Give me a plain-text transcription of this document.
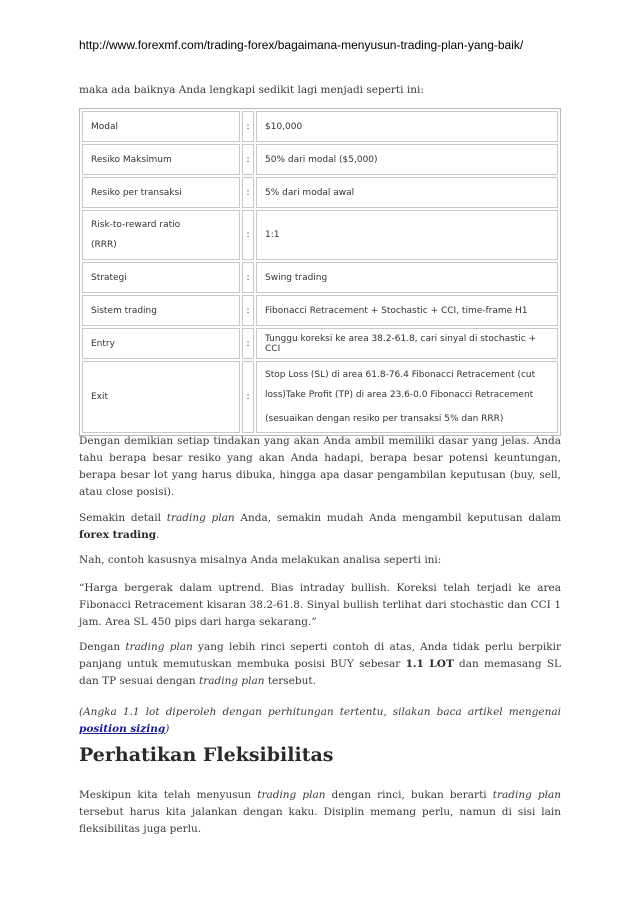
http://www.forexmf.com/trading-forex/bagaimana-menyusun-trading-plan-yang-baik/

maka ada baiknya Anda lengkapi sedikit lagi menjadi seperti ini:

Modal	:	$10,000
Resiko Maksimum	:	50% dari modal ($5,000)
Resiko per transaksi	:	5% dari modal awal

Risk-to-reward ratio
(RRR)	:	1:1
Strategi	:	Swing trading
Sistem trading	:	Fibonacci Retracement + Stochastic + CCI, time-frame H1
Entry	:	Tunggu koreksi ke area 38.2-61.8, cari sinyal di stochastic + CCI
Exit	:	Stop Loss (SL) di area 61.8-76.4 Fibonacci Retracement (cut
loss)Take Profit (TP) di area 23.6-0.0 Fibonacci Retracement
(sesuaikan dengan resiko per transaksi 5% dan RRR)

Dengan demikian setiap tindakan yang akan Anda ambil memiliki dasar yang jelas. Anda tahu berapa besar resiko yang akan Anda hadapi, berapa besar potensi keuntungan, berapa besar lot yang harus dibuka, hingga apa dasar pengambilan keputusan (buy, sell, atau close posisi).

Semakin detail trading plan Anda, semakin mudah Anda mengambil keputusan dalam forex trading.

Nah, contoh kasusnya misalnya Anda melakukan analisa seperti ini:

“Harga bergerak dalam uptrend. Bias intraday bullish. Koreksi telah terjadi ke area Fibonacci Retracement kisaran 38.2-61.8. Sinyal bullish terlihat dari stochastic dan CCI 1 jam. Area SL 450 pips dari harga sekarang.”

Dengan trading plan yang lebih rinci seperti contoh di atas, Anda tidak perlu berpikir panjang untuk memutuskan membuka posisi BUY sebesar 1.1 LOT dan memasang SL dan TP sesuai dengan trading plan tersebut.

(Angka 1.1 lot diperoleh dengan perhitungan tertentu, silakan baca artikel mengenai position sizing)

Perhatikan Fleksibilitas

Meskipun kita telah menyusun trading plan dengan rinci, bukan berarti trading plan tersebut harus kita jalankan dengan kaku. Disiplin memang perlu, namun di sisi lain fleksibilitas juga perlu.
